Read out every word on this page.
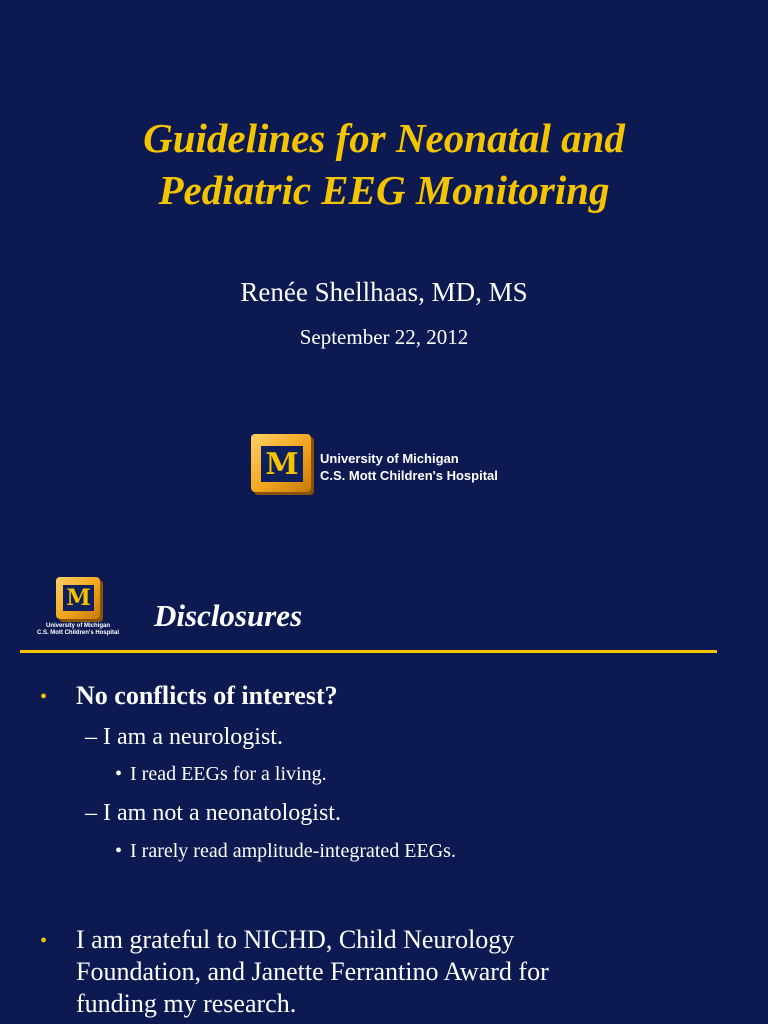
Guidelines for Neonatal and
Pediatric EEG Monitoring
Renée Shellhaas, MD, MS
September 22, 2012
M	University of Michigan
C.S. Mott Children's Hospital
M
University of Michigan
C.S. Mott Children's Hospital	Disclosures
• No conflicts of interest?
– I am a neurologist.
• I read EEGs for a living.
– I am not a neonatologist.
• I rarely read amplitude-integrated EEGs.
• I am grateful to NICHD, Child Neurology
Foundation, and Janette Ferrantino Award for
funding my research.
